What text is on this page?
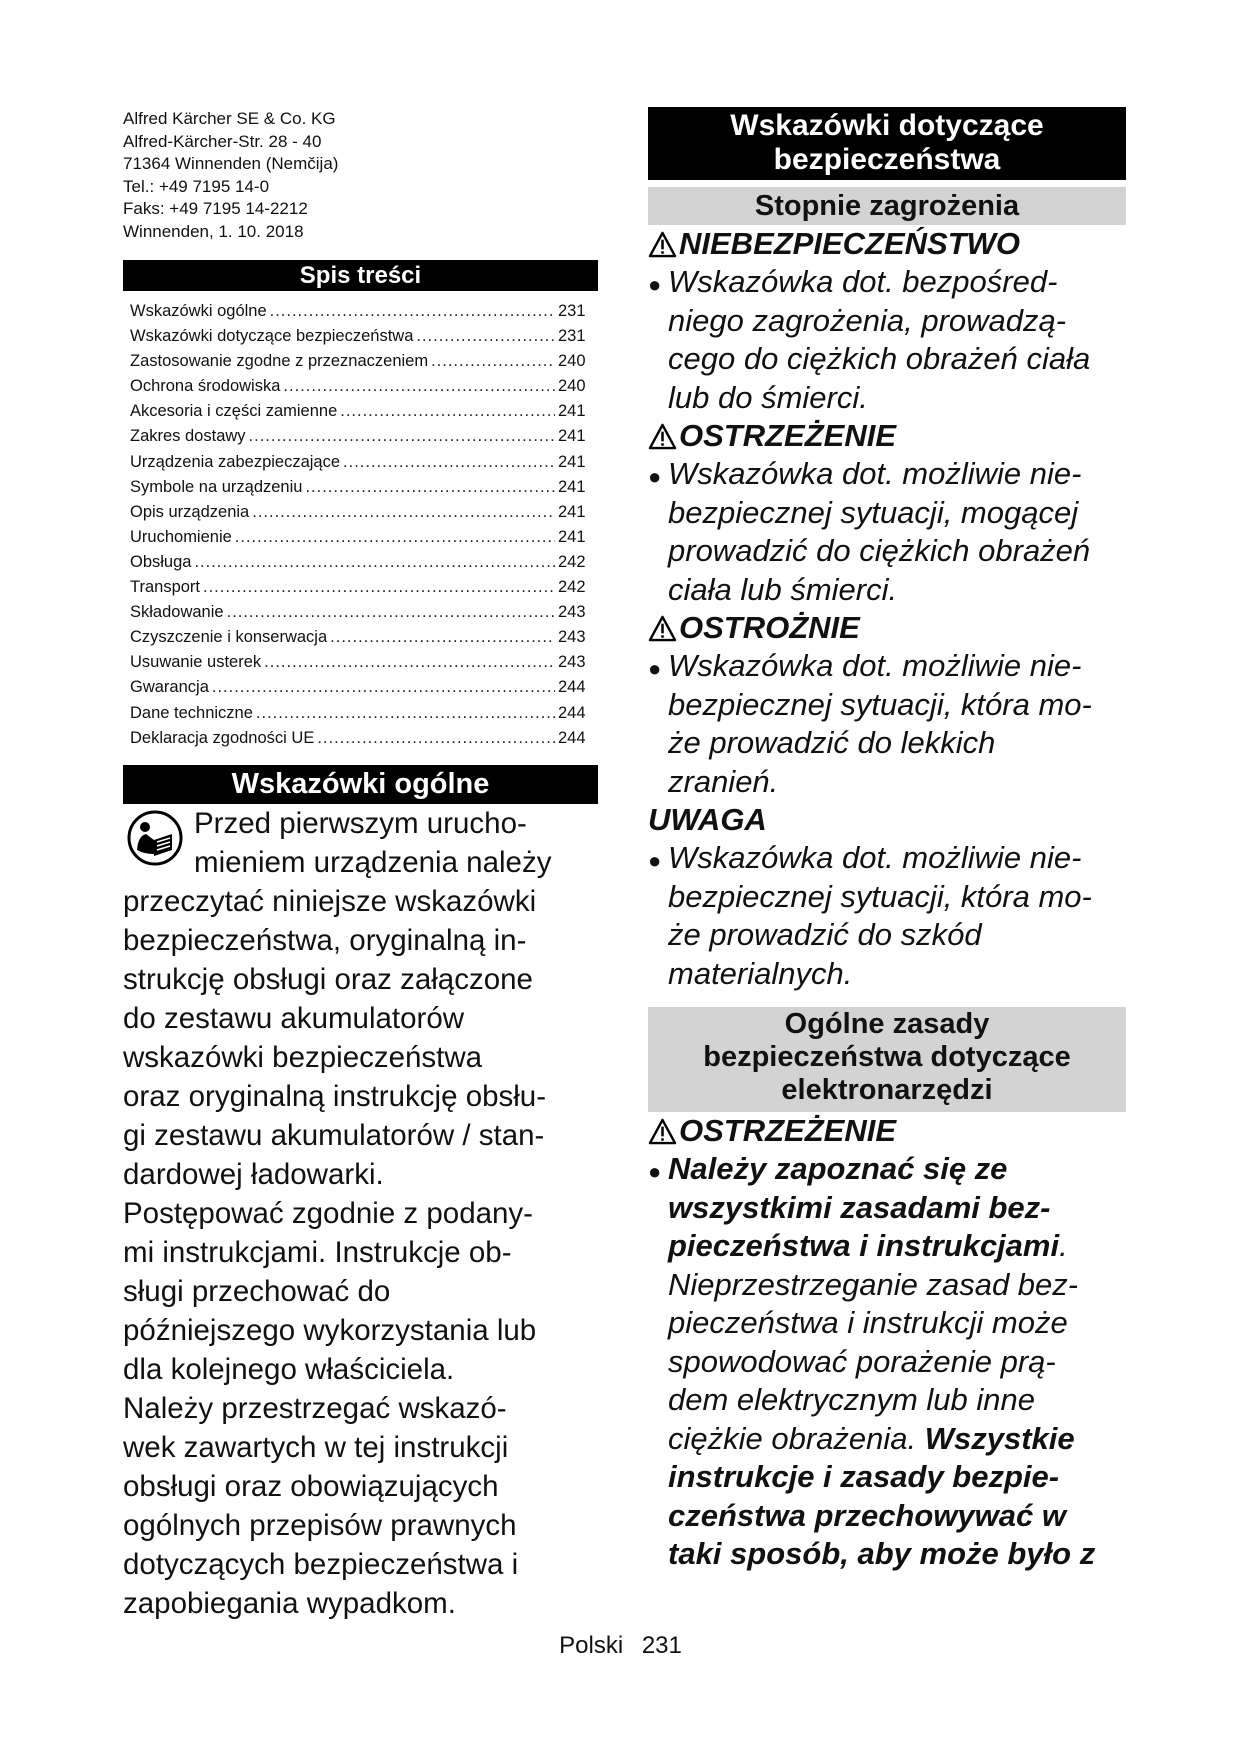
Alfred Kärcher SE & Co. KG
Alfred-Kärcher-Str. 28 - 40
71364 Winnenden (Nemčija)
Tel.: +49 7195 14-0
Faks: +49 7195 14-2212
Winnenden, 1. 10. 2018
Spis treści
Wskazówki ogólne .....	231
Wskazówki dotyczące bezpieczeństwa .....	231
Zastosowanie zgodne z przeznaczeniem .....	240
Ochrona środowiska .....	240
Akcesoria i części zamienne .....	241
Zakres dostawy .....	241
Urządzenia zabezpieczające .....	241
Symbole na urządzeniu .....	241
Opis urządzenia .....	241
Uruchomienie .....	241
Obsługa .....	242
Transport .....	242
Składowanie .....	243
Czyszczenie i konserwacja .....	243
Usuwanie usterek .....	243
Gwarancja .....	244
Dane techniczne .....	244
Deklaracja zgodności UE .....	244
Wskazówki ogólne
Przed pierwszym urucho-
mieniem urządzenia należy
przeczytać niniejsze wskazówki
bezpieczeństwa, oryginalną in-
strukcję obsługi oraz załączone
do zestawu akumulatorów
wskazówki bezpieczeństwa
oraz oryginalną instrukcję obsłu-
gi zestawu akumulatorów / stan-
dardowej ładowarki.
Postępować zgodnie z podany-
mi instrukcjami. Instrukcje ob-
sługi przechować do
późniejszego wykorzystania lub
dla kolejnego właściciela.
Należy przestrzegać wskazó-
wek zawartych w tej instrukcji
obsługi oraz obowiązujących
ogólnych przepisów prawnych
dotyczących bezpieczeństwa i
zapobiegania wypadkom.
Wskazówki dotyczące
bezpieczeństwa
Stopnie zagrożenia
NIEBEZPIECZEŃSTWO
●
Wskazówka dot. bezpośred-
niego zagrożenia, prowadzą-
cego do ciężkich obrażeń ciała
lub do śmierci.
OSTRZEŻENIE
●
Wskazówka dot. możliwie nie-
bezpiecznej sytuacji, mogącej
prowadzić do ciężkich obrażeń
ciała lub śmierci.
OSTROŻNIE
●
Wskazówka dot. możliwie nie-
bezpiecznej sytuacji, która mo-
że prowadzić do lekkich
zranień.
UWAGA
●
Wskazówka dot. możliwie nie-
bezpiecznej sytuacji, która mo-
że prowadzić do szkód
materialnych.
Ogólne zasady
bezpieczeństwa dotyczące
elektronarzędzi
OSTRZEŻENIE
●
Należy zapoznać się ze
wszystkimi zasadami bez-
pieczeństwa i instrukcjami.
Nieprzestrzeganie zasad bez-
pieczeństwa i instrukcji może
spowodować porażenie prą-
dem elektrycznym lub inne
ciężkie obrażenia. Wszystkie
instrukcje i zasady bezpie-
czeństwa przechowywać w
taki sposób, aby może było z
Polski 231
